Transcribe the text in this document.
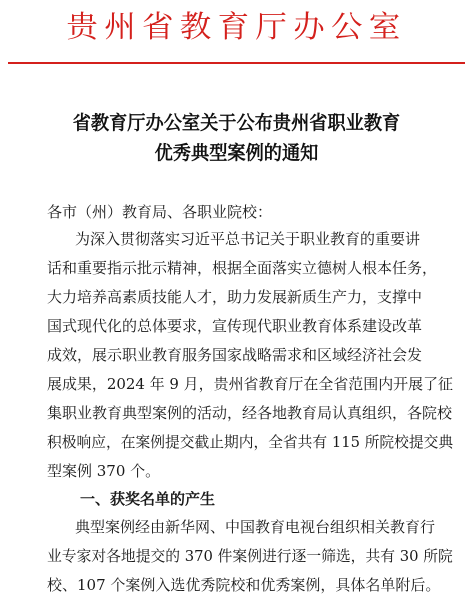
贵州省教育厅办公室
省教育厅办公室关于公布贵州省职业教育
优秀典型案例的通知
各市（州）教育局、各职业院校：
为深入贯彻落实习近平总书记关于职业教育的重要讲
话和重要指示批示精神，根据全面落实立德树人根本任务，
大力培养高素质技能人才，助力发展新质生产力，支撑中
国式现代化的总体要求，宣传现代职业教育体系建设改革
成效，展示职业教育服务国家战略需求和区域经济社会发
展成果，2024 年 9 月，贵州省教育厅在全省范围内开展了征
集职业教育典型案例的活动，经各地教育局认真组织，各院校
积极响应，在案例提交截止期内，全省共有 115 所院校提交典
型案例 370 个。
一、获奖名单的产生
典型案例经由新华网、中国教育电视台组织相关教育行
业专家对各地提交的 370 件案例进行逐一筛选，共有 30 所院
校、107 个案例入选优秀院校和优秀案例，具体名单附后。
